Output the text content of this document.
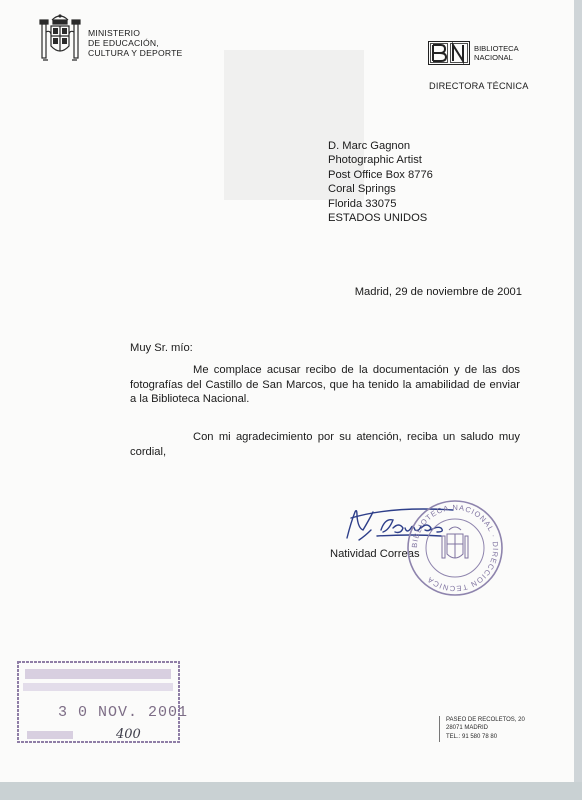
MINISTERIO
DE EDUCACIÓN,
CULTURA Y DEPORTE	BIBLIOTECA
NACIONAL
DIRECTORA TÉCNICA
D. Marc Gagnon
Photographic Artist
Post Office Box 8776
Coral Springs
Florida 33075
ESTADOS UNIDOS
Madrid, 29 de noviembre de 2001
Muy Sr. mío:
Me complace acusar recibo de la documentación y de las dos fotografías del Castillo de San Marcos, que ha tenido la amabilidad de enviar a la Biblioteca Nacional.
Con mi agradecimiento por su atención, reciba un saludo muy cordial,
Natividad Correas
BIBLIOTECA NACIONAL · DIRECCION TECNICA
3 0 NOV. 2001
400
PASEO DE RECOLETOS, 20
28071 MADRID
TEL.: 91 580 78 80
